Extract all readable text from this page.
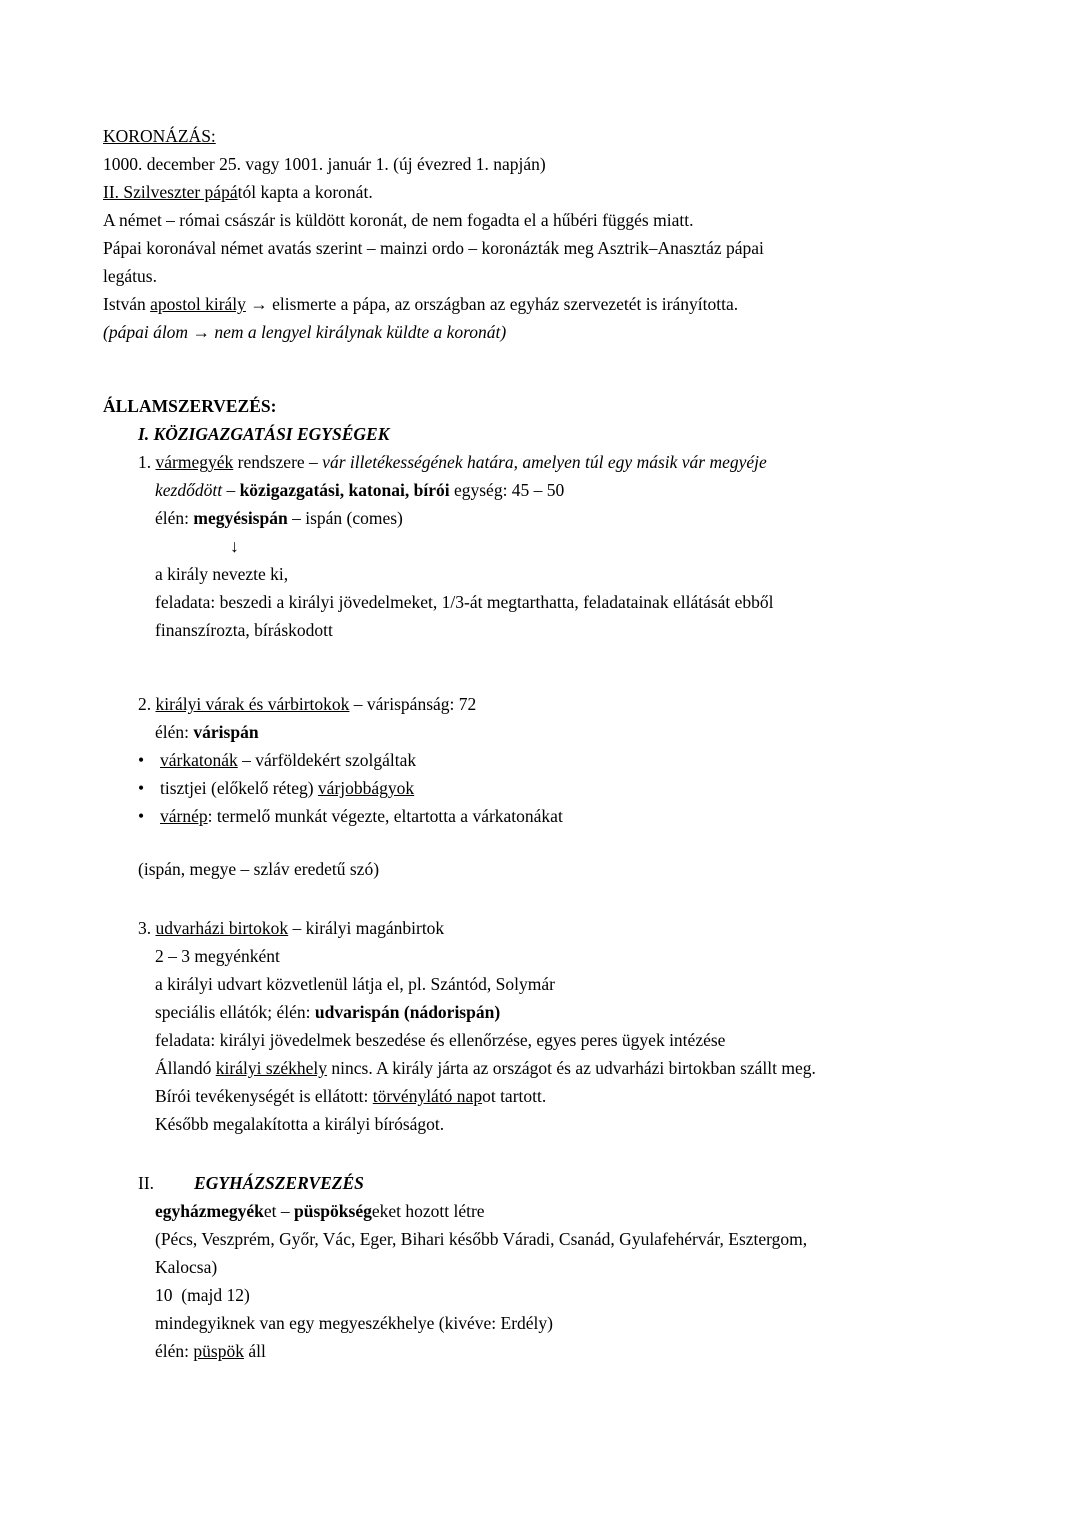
KORONÁZÁS:
1000. december 25. vagy 1001. január 1. (új évezred 1. napján)
II. Szilveszter pápától kapta a koronát.
A német – római császár is küldött koronát, de nem fogadta el a hűbéri függés miatt.
Pápai koronával német avatás szerint – mainzi ordo – koronázták meg Asztrik–Anasztáz pápai
legátus.
István apostol király → elismerte a pápa, az országban az egyház szervezetét is irányította.
(pápai álom → nem a lengyel királynak küldte a koronát)
ÁLLAMSZERVEZÉS:
I. KÖZIGAZGATÁSI EGYSÉGEK
1. vármegyék rendszere – vár illetékességének határa, amelyen túl egy másik vár megyéje
kezdődött – közigazgatási, katonai, bírói egység: 45 – 50
élén: megyésispán – ispán (comes)
↓
a király nevezte ki,
feladata: beszedi a királyi jövedelmeket, 1/3-át megtarthatta, feladatainak ellátását ebből
finanszírozta, bíráskodott
2. királyi várak és várbirtokok – várispánság: 72
élén: várispán
• várkatonák – várföldekért szolgáltak
• tisztjei (előkelő réteg) várjobbágyok
• várnép: termelő munkát végezte, eltartotta a várkatonákat
(ispán, megye – szláv eredetű szó)
3. udvarházi birtokok – királyi magánbirtok
2 – 3 megyénként
a királyi udvart közvetlenül látja el, pl. Szántód, Solymár
speciális ellátók; élén: udvarispán (nádorispán)
feladata: királyi jövedelmek beszedése és ellenőrzése, egyes peres ügyek intézése
Állandó királyi székhely nincs. A király járta az országot és az udvarházi birtokban szállt meg.
Bírói tevékenységét is ellátott: törvénylátó napot tartott.
Később megalakította a királyi bíróságot.
II. EGYHÁZSZERVEZÉS
egyházmegyéket – püspökségeket hozott létre
(Pécs, Veszprém, Győr, Vác, Eger, Bihari később Váradi, Csanád, Gyulafehérvár, Esztergom,
Kalocsa)
10  (majd 12)
mindegyiknek van egy megyeszékhelye (kivéve: Erdély)
élén: püspök áll
